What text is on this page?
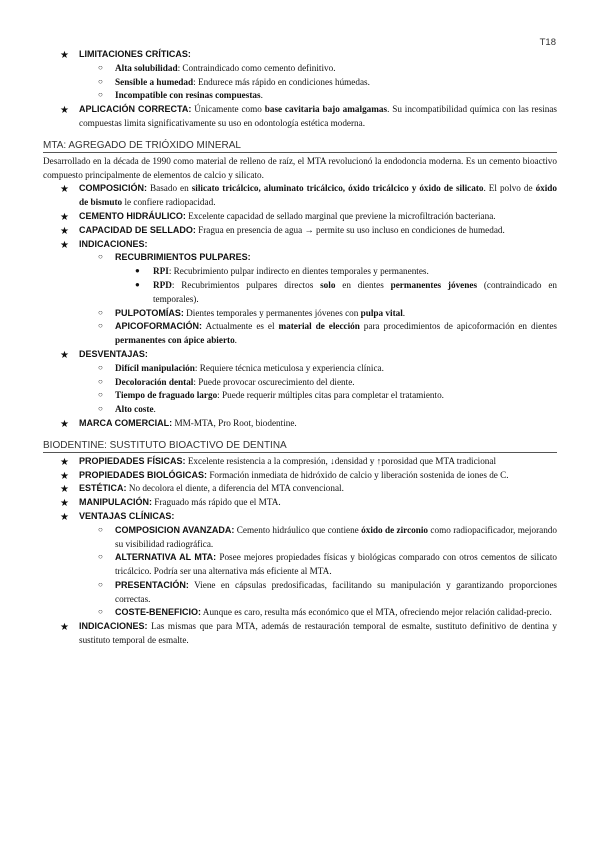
T18
★ LIMITACIONES CRÍTICAS:
○ Alta solubilidad: Contraindicado como cemento definitivo.
○ Sensible a humedad: Endurece más rápido en condiciones húmedas.
○ Incompatible con resinas compuestas.
★ APLICACIÓN CORRECTA: Únicamente como base cavitaria bajo amalgamas. Su incompatibilidad química con las resinas compuestas limita significativamente su uso en odontología estética moderna.
MTA: AGREGADO DE TRIÓXIDO MINERAL
Desarrollado en la década de 1990 como material de relleno de raíz, el MTA revolucionó la endodoncia moderna. Es un cemento bioactivo compuesto principalmente de elementos de calcio y silicato.
★ COMPOSICIÓN: Basado en silicato tricálcico, aluminato tricálcico, óxido tricálcico y óxido de silicato. El polvo de óxido de bismuto le confiere radiopacidad.
★ CEMENTO HIDRÁULICO: Excelente capacidad de sellado marginal que previene la microfiltración bacteriana.
★ CAPACIDAD DE SELLADO: Fragua en presencia de agua → permite su uso incluso en condiciones de humedad.
★ INDICACIONES:
○ RECUBRIMIENTOS PULPARES:
● RPI: Recubrimiento pulpar indirecto en dientes temporales y permanentes.
● RPD: Recubrimientos pulpares directos solo en dientes permanentes jóvenes (contraindicado en temporales).
○ PULPOTOMÍAS: Dientes temporales y permanentes jóvenes con pulpa vital.
○ APICOFORMACIÓN: Actualmente es el material de elección para procedimientos de apicoformación en dientes permanentes con ápice abierto.
★ DESVENTAJAS:
○ Difícil manipulación: Requiere técnica meticulosa y experiencia clínica.
○ Decoloración dental: Puede provocar oscurecimiento del diente.
○ Tiempo de fraguado largo: Puede requerir múltiples citas para completar el tratamiento.
○ Alto coste.
★ MARCA COMERCIAL: MM-MTA, Pro Root, biodentine.
BIODENTINE: SUSTITUTO BIOACTIVO DE DENTINA
★ PROPIEDADES FÍSICAS: Excelente resistencia a la compresión, ↓densidad y ↑porosidad que MTA tradicional
★ PROPIEDADES BIOLÓGICAS: Formación inmediata de hidróxido de calcio y liberación sostenida de iones de C.
★ ESTÉTICA: No decolora el diente, a diferencia del MTA convencional.
★ MANIPULACIÓN: Fraguado más rápido que el MTA.
★ VENTAJAS CLÍNICAS:
○ COMPOSICION AVANZADA: Cemento hidráulico que contiene óxido de zirconio como radiopacificador, mejorando su visibilidad radiográfica.
○ ALTERNATIVA AL MTA: Posee mejores propiedades físicas y biológicas comparado con otros cementos de silicato tricálcico. Podría ser una alternativa más eficiente al MTA.
○ PRESENTACIÓN: Viene en cápsulas predosificadas, facilitando su manipulación y garantizando proporciones correctas.
○ COSTE-BENEFICIO: Aunque es caro, resulta más económico que el MTA, ofreciendo mejor relación calidad-precio.
★ INDICACIONES: Las mismas que para MTA, además de restauración temporal de esmalte, sustituto definitivo de dentina y sustituto temporal de esmalte.
